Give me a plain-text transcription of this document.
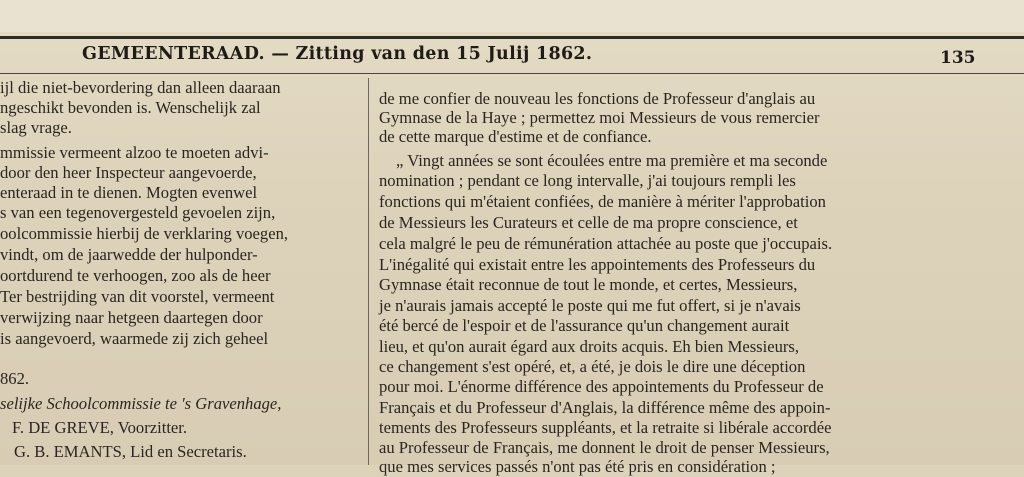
GEMEENTERAAD. — Zitting van den 15 Julij 1862.	135
ijl die niet-bevordering dan alleen daaraan
ngeschikt bevonden is. Wenschelijk zal
slag vrage.
mmissie vermeent alzoo te moeten advi-
door den heer Inspecteur aangevoerde,
enteraad in te dienen. Mogten evenwel
s van een tegenovergesteld gevoelen zijn,
oolcommissie hierbij de verklaring voegen,
vindt, om de jaarwedde der hulponder-
oortdurend te verhoogen, zoo als de heer
Ter bestrijding van dit voorstel, vermeent
verwijzing naar hetgeen daartegen door
is aangevoerd, waarmede zij zich geheel
862.
selijke Schoolcommissie te 's Gravenhage,
F. DE GREVE, Voorzitter.
G. B. EMANTS, Lid en Secretaris.
de me confier de nouveau les fonctions de Professeur d'anglais au
Gymnase de la Haye ; permettez moi Messieurs de vous remercier
de cette marque d'estime et de confiance.
„ Vingt années se sont écoulées entre ma première et ma seconde
nomination ; pendant ce long intervalle, j'ai toujours rempli les
fonctions qui m'étaient confiées, de manière à mériter l'approbation
de Messieurs les Curateurs et celle de ma propre conscience, et
cela malgré le peu de rémunération attachée au poste que j'occupais.
L'inégalité qui existait entre les appointements des Professeurs du
Gymnase était reconnue de tout le monde, et certes, Messieurs,
je n'aurais jamais accepté le poste qui me fut offert, si je n'avais
été bercé de l'espoir et de l'assurance qu'un changement aurait
lieu, et qu'on aurait égard aux droits acquis. Eh bien Messieurs,
ce changement s'est opéré, et, a été, je dois le dire une déception
pour moi. L'énorme différence des appointements du Professeur de
Français et du Professeur d'Anglais, la différence même des appoin-
tements des Professeurs suppléants, et la retraite si libérale accordée
au Professeur de Français, me donnent le droit de penser Messieurs,
que mes services passés n'ont pas été pris en considération ;
